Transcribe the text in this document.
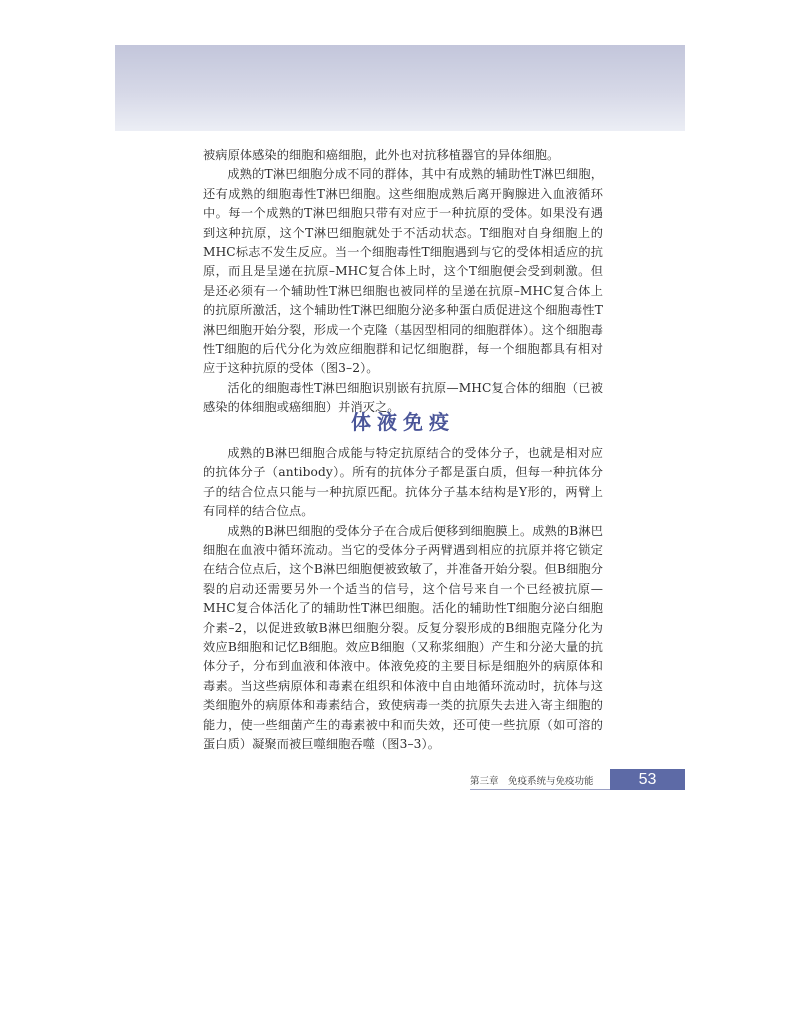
被病原体感染的细胞和癌细胞，此外也对抗移植器官的异体细胞。

成熟的T淋巴细胞分成不同的群体，其中有成熟的辅助性T淋巴细胞，还有成熟的细胞毒性T淋巴细胞。这些细胞成熟后离开胸腺进入血液循环中。每一个成熟的T淋巴细胞只带有对应于一种抗原的受体。如果没有遇到这种抗原，这个T淋巴细胞就处于不活动状态。T细胞对自身细胞上的MHC标志不发生反应。当一个细胞毒性T细胞遇到与它的受体相适应的抗原，而且是呈递在抗原–MHC复合体上时，这个T细胞便会受到刺激。但是还必须有一个辅助性T淋巴细胞也被同样的呈递在抗原–MHC复合体上的抗原所激活，这个辅助性T淋巴细胞分泌多种蛋白质促进这个细胞毒性T淋巴细胞开始分裂，形成一个克隆（基因型相同的细胞群体）。这个细胞毒性T细胞的后代分化为效应细胞群和记忆细胞群，每一个细胞都具有相对应于这种抗原的受体（图3–2）。

活化的细胞毒性T淋巴细胞识别嵌有抗原—MHC复合体的细胞（已被感染的体细胞或癌细胞）并消灭之。

体液免疫

成熟的B淋巴细胞合成能与特定抗原结合的受体分子，也就是相对应的抗体分子（antibody）。所有的抗体分子都是蛋白质，但每一种抗体分子的结合位点只能与一种抗原匹配。抗体分子基本结构是Y形的，两臂上有同样的结合位点。

成熟的B淋巴细胞的受体分子在合成后便移到细胞膜上。成熟的B淋巴细胞在血液中循环流动。当它的受体分子两臂遇到相应的抗原并将它锁定在结合位点后，这个B淋巴细胞便被致敏了，并准备开始分裂。但B细胞分裂的启动还需要另外一个适当的信号，这个信号来自一个已经被抗原—MHC复合体活化了的辅助性T淋巴细胞。活化的辅助性T细胞分泌白细胞介素–2，以促进致敏B淋巴细胞分裂。反复分裂形成的B细胞克隆分化为效应B细胞和记忆B细胞。效应B细胞（又称浆细胞）产生和分泌大量的抗体分子，分布到血液和体液中。体液免疫的主要目标是细胞外的病原体和毒素。当这些病原体和毒素在组织和体液中自由地循环流动时，抗体与这类细胞外的病原体和毒素结合，致使病毒一类的抗原失去进入寄主细胞的能力，使一些细菌产生的毒素被中和而失效，还可使一些抗原（如可溶的蛋白质）凝聚而被巨噬细胞吞噬（图3–3）。

第三章　免疫系统与免疫功能	53
